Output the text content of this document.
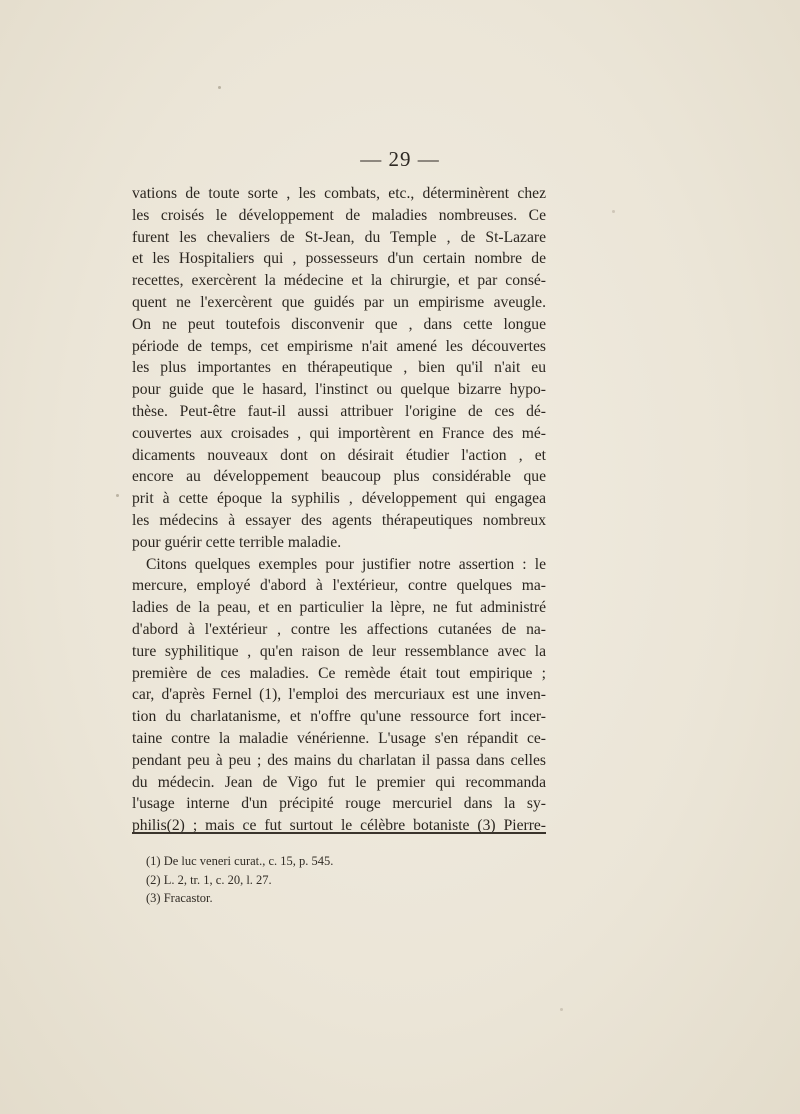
— 29 —
vations de toute sorte , les combats, etc., déterminèrent chez
les croisés le développement de maladies nombreuses. Ce
furent les chevaliers de St-Jean, du Temple , de St-Lazare
et les Hospitaliers qui , possesseurs d'un certain nombre de
recettes, exercèrent la médecine et la chirurgie, et par consé-
quent ne l'exercèrent que guidés par un empirisme aveugle.
On ne peut toutefois disconvenir que , dans cette longue
période de temps, cet empirisme n'ait amené les découvertes
les plus importantes en thérapeutique , bien qu'il n'ait eu
pour guide que le hasard, l'instinct ou quelque bizarre hypo-
thèse. Peut-être faut-il aussi attribuer l'origine de ces dé-
couvertes aux croisades , qui importèrent en France des mé-
dicaments nouveaux dont on désirait étudier l'action , et
encore au développement beaucoup plus considérable que
prit à cette époque la syphilis , développement qui engagea
les médecins à essayer des agents thérapeutiques nombreux
pour guérir cette terrible maladie.
Citons quelques exemples pour justifier notre assertion : le
mercure, employé d'abord à l'extérieur, contre quelques ma-
ladies de la peau, et en particulier la lèpre, ne fut administré
d'abord à l'extérieur , contre les affections cutanées de na-
ture syphilitique , qu'en raison de leur ressemblance avec la
première de ces maladies. Ce remède était tout empirique ;
car, d'après Fernel (1), l'emploi des mercuriaux est une inven-
tion du charlatanisme, et n'offre qu'une ressource fort incer-
taine contre la maladie vénérienne. L'usage s'en répandit ce-
pendant peu à peu ; des mains du charlatan il passa dans celles
du médecin. Jean de Vigo fut le premier qui recommanda
l'usage interne d'un précipité rouge mercuriel dans la sy-
philis(2) ; mais ce fut surtout le célèbre botaniste (3) Pierre-
(1) De luc veneri curat., c. 15, p. 545.
(2) L. 2, tr. 1, c. 20, l. 27.
(3) Fracastor.
